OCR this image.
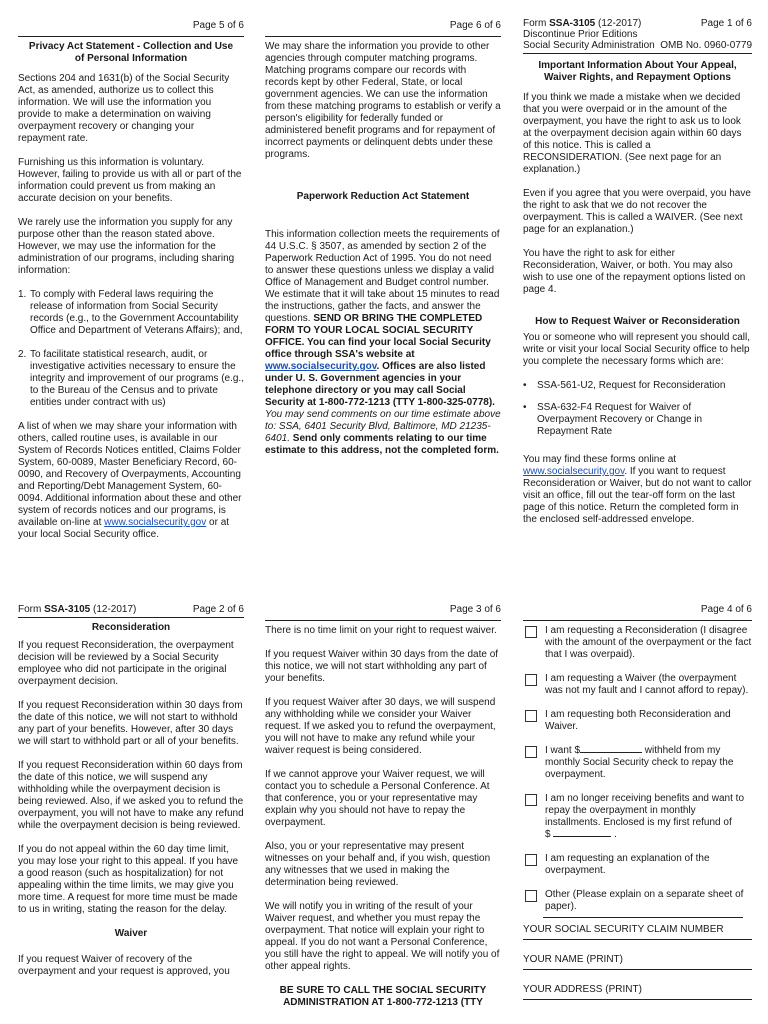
Page 5 of 6
Privacy Act Statement - Collection and Use of Personal Information

Sections 204 and 1631(b) of the Social Security Act, as amended, authorize us to collect this information. We will use the information you provide to make a determination on waiving overpayment recovery or changing your repayment rate.

Furnishing us this information is voluntary. However, failing to provide us with all or part of the information could prevent us from making an accurate decision on your benefits.

We rarely use the information you supply for any purpose other than the reason stated above. However, we may use the information for the administration of our programs, including sharing information:

1. To comply with Federal laws requiring the release of information from Social Security records (e.g., to the Government Accountability Office and Department of Veterans Affairs); and,
2. To facilitate statistical research, audit, or investigative activities necessary to ensure the integrity and improvement of our programs (e.g., to the Bureau of the Census and to private entities under contract with us)

A list of when we may share your information with others, called routine uses, is available in our System of Records Notices entitled, Claims Folder System, 60-0089, Master Beneficiary Record, 60-0090, and Recovery of Overpayments, Accounting and Reporting/Debt Management System, 60-0094. Additional information about these and other system of records notices and our programs, is available on-line at www.socialsecurity.gov or at your local Social Security office.

Page 6 of 6

We may share the information you provide to other agencies through computer matching programs. Matching programs compare our records with records kept by other Federal, State, or local government agencies. We can use the information from these matching programs to establish or verify a person's eligibility for federally funded or administered benefit programs and for repayment of incorrect payments or delinquent debts under these programs.

Paperwork Reduction Act Statement

This information collection meets the requirements of 44 U.S.C. § 3507, as amended by section 2 of the Paperwork Reduction Act of 1995. You do not need to answer these questions unless we display a valid Office of Management and Budget control number. We estimate that it will take about 15 minutes to read the instructions, gather the facts, and answer the questions. SEND OR BRING THE COMPLETED FORM TO YOUR LOCAL SOCIAL SECURITY OFFICE. You can find your local Social Security office through SSA's website at www.socialsecurity.gov. Offices are also listed under U. S. Government agencies in your telephone directory or you may call Social Security at 1-800-772-1213 (TTY 1-800-325-0778). You may send comments on our time estimate above to: SSA, 6401 Security Blvd, Baltimore, MD 21235-6401. Send only comments relating to our time estimate to this address, not the completed form.

Form SSA-3105 (12-2017)	Page 1 of 6
Discontinue Prior Editions
Social Security Administration OMB No. 0960-0779
Important Information About Your Appeal, Waiver Rights, and Repayment Options

If you think we made a mistake when we decided that you were overpaid or in the amount of the overpayment, you have the right to ask us to look at the overpayment decision again within 60 days of this notice. This is called a RECONSIDERATION. (See next page for an explanation.)

Even if you agree that you were overpaid, you have the right to ask that we do not recover the overpayment. This is called a WAIVER. (See next page for an explanation.)

You have the right to ask for either Reconsideration, Waiver, or both. You may also wish to use one of the repayment options listed on page 4.

How to Request Waiver or Reconsideration

You or someone who will represent you should call, write or visit your local Social Security office to help you complete the necessary forms which are:

•	SSA-561-U2, Request for Reconsideration
•	SSA-632-F4 Request for Waiver of Overpayment Recovery or Change in Repayment Rate

You may find these forms online at www.socialsecurity.gov. If you want to request Reconsideration or Waiver, but do not want to callor visit an office, fill out the tear-off form on the last page of this notice. Return the completed form in the enclosed self-addressed envelope.

Form SSA-3105 (12-2017)	Page 2 of 6
Reconsideration

If you request Reconsideration, the overpayment decision will be reviewed by a Social Security employee who did not participate in the original overpayment decision.

If you request Reconsideration within 30 days from the date of this notice, we will not start to withhold any part of your benefits. However, after 30 days we will start to withhold part or all of your benefits.

If you request Reconsideration within 60 days from the date of this notice, we will suspend any withholding while the overpayment decision is being reviewed. Also, if we asked you to refund the overpayment, you will not have to make any refund while the overpayment decision is being reviewed.

If you do not appeal within the 60 day time limit, you may lose your right to this appeal. If you have a good reason (such as hospitalization) for not appealing within the time limits, we may give you more time. A request for more time must be made to us in writing, stating the reason for the delay.

Waiver

If you request Waiver of recovery of the overpayment and your request is approved, you

Page 3 of 6

There is no time limit on your right to request waiver.

If you request Waiver within 30 days from the date of this notice, we will not start withholding any part of your benefits.

If you request Waiver after 30 days, we will suspend any withholding while we consider your Waiver request. If we asked you to refund the overpayment, you will not have to make any refund while your waiver request is being considered.

If we cannot approve your Waiver request, we will contact you to schedule a Personal Conference. At that conference, you or your representative may explain why you should not have to repay the overpayment.

Also, you or your representative may present witnesses on your behalf and, if you wish, question any witnesses that we used in making the determination being reviewed.

We will notify you in writing of the result of your Waiver request, and whether you must repay the overpayment. That notice will explain your right to appeal. If you do not want a Personal Conference, you still have the right to appeal. We will notify you of other appeal rights.

BE SURE TO CALL THE SOCIAL SECURITY ADMINISTRATION AT 1-800-772-1213 (TTY
Page 4 of 6
I am requesting a Reconsideration (I disagree with the amount of the overpayment or the fact that I was overpaid).
I am requesting a Waiver (the overpayment was not my fault and I cannot afford to repay).
I am requesting both Reconsideration and Waiver.
I want $	withheld from my monthly Social Security check to repay the overpayment.
I am no longer receiving benefits and want to repay the overpayment in monthly installments. Enclosed is my first refund of
$	.
I am requesting an explanation of the overpayment.
Other (Please explain on a separate sheet of paper).
YOUR SOCIAL SECURITY CLAIM NUMBER
YOUR NAME (PRINT)
YOUR ADDRESS (PRINT)
